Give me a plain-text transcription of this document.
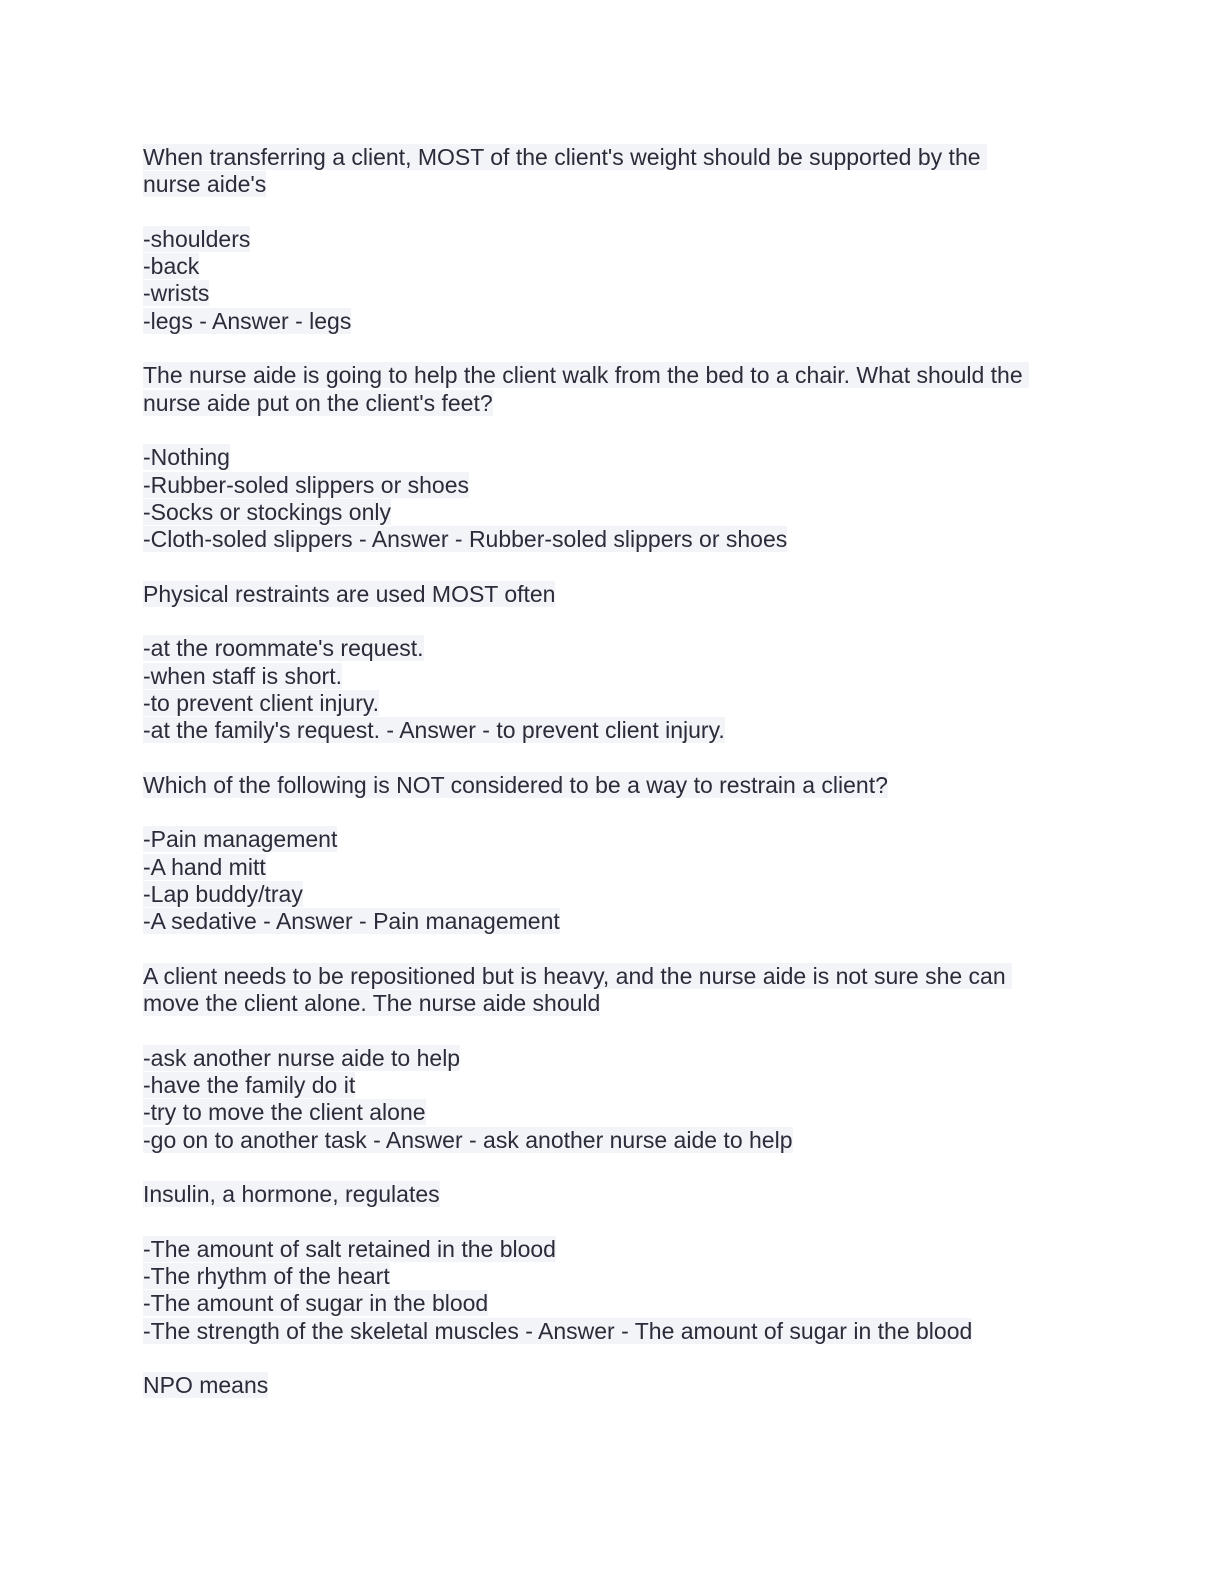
When transferring a client, MOST of the client's weight should be supported by the
nurse aide's
-shoulders
-back
-wrists
-legs - Answer - legs
The nurse aide is going to help the client walk from the bed to a chair. What should the
nurse aide put on the client's feet?
-Nothing
-Rubber-soled slippers or shoes
-Socks or stockings only
-Cloth-soled slippers - Answer - Rubber-soled slippers or shoes
Physical restraints are used MOST often
-at the roommate's request.
-when staff is short.
-to prevent client injury.
-at the family's request. - Answer - to prevent client injury.
Which of the following is NOT considered to be a way to restrain a client?
-Pain management
-A hand mitt
-Lap buddy/tray
-A sedative - Answer - Pain management
A client needs to be repositioned but is heavy, and the nurse aide is not sure she can
move the client alone. The nurse aide should
-ask another nurse aide to help
-have the family do it
-try to move the client alone
-go on to another task - Answer - ask another nurse aide to help
Insulin, a hormone, regulates
-The amount of salt retained in the blood
-The rhythm of the heart
-The amount of sugar in the blood
-The strength of the skeletal muscles - Answer - The amount of sugar in the blood
NPO means
